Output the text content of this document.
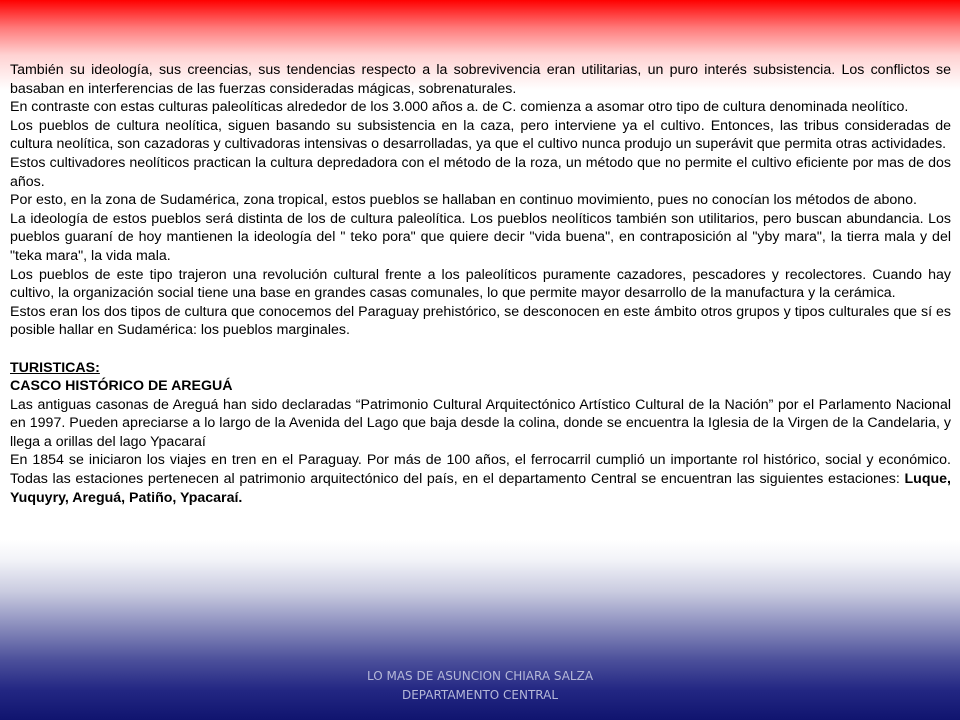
También su ideología, sus creencias, sus tendencias respecto a la sobrevivencia eran utilitarias, un puro interés subsistencia. Los conflictos se basaban en interferencias de las fuerzas consideradas mágicas, sobrenaturales.

En contraste con estas culturas paleolíticas alrededor de los 3.000 años a. de C. comienza a asomar otro tipo de cultura denominada neolítico.

Los pueblos de cultura neolítica, siguen basando su subsistencia en la caza, pero interviene ya el cultivo. Entonces, las tribus consideradas de cultura neolítica, son cazadoras y cultivadoras intensivas o desarrolladas, ya que el cultivo nunca produjo un superávit que permita otras actividades.

Estos cultivadores neolíticos practican la cultura depredadora con el método de la roza, un método que no permite el cultivo eficiente por mas de dos años.

Por esto, en la zona de Sudamérica, zona tropical, estos pueblos se hallaban en continuo movimiento, pues no conocían los métodos de abono.

La ideología de estos pueblos será distinta de los de cultura paleolítica. Los pueblos neolíticos también son utilitarios, pero buscan abundancia. Los pueblos guaraní de hoy mantienen la ideología del " teko pora" que quiere decir "vida buena", en contraposición al "yby mara", la tierra mala y del "teka mara", la vida mala.

Los pueblos de este tipo trajeron una revolución cultural frente a los paleolíticos puramente cazadores, pescadores y recolectores. Cuando hay cultivo, la organización social tiene una base en grandes casas comunales, lo que permite mayor desarrollo de la manufactura y la cerámica.

Estos eran los dos tipos de cultura que conocemos del Paraguay prehistórico, se desconocen en este ámbito otros grupos y tipos culturales que sí es posible hallar en Sudamérica: los pueblos marginales.

TURISTICAS:

CASCO HISTÓRICO DE AREGUÁ

Las antiguas casonas de Areguá han sido declaradas “Patrimonio Cultural Arquitectónico Artístico Cultural de la Nación” por el Parlamento Nacional en 1997. Pueden apreciarse a lo largo de la Avenida del Lago que baja desde la colina, donde se encuentra la Iglesia de la Virgen de la Candelaria, y llega a orillas del lago Ypacaraí

En 1854 se iniciaron los viajes en tren en el Paraguay. Por más de 100 años, el ferrocarril cumplió un importante rol histórico, social y económico. Todas las estaciones pertenecen al patrimonio arquitectónico del país, en el departamento Central se encuentran las siguientes estaciones: Luque, Yuquyry, Areguá, Patiño, Ypacaraí.

LO MAS DE ASUNCION CHIARA SALZA
DEPARTAMENTO CENTRAL
